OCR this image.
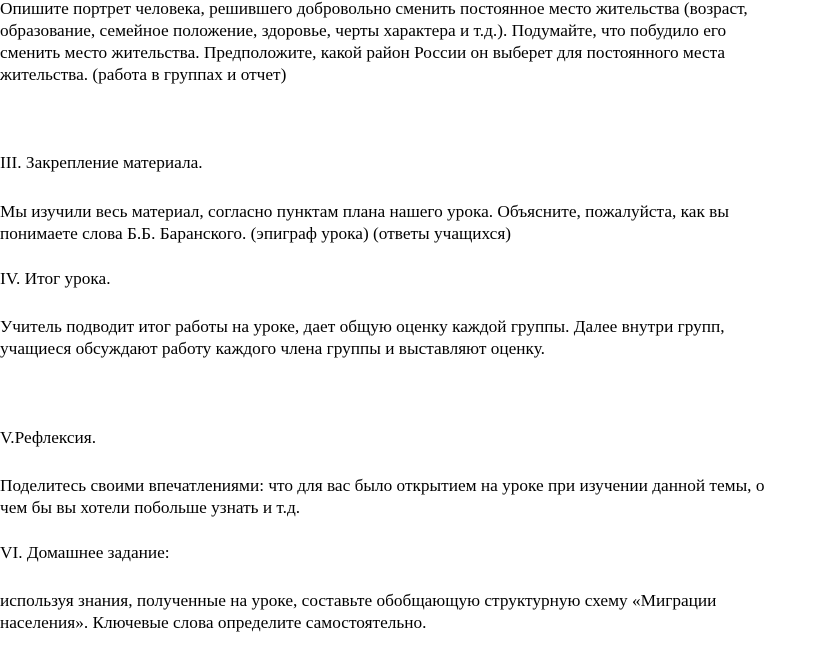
Опишите портрет человека, решившего добровольно сменить постоянное место жительства (возраст,

образование, семейное положение, здоровье, черты характера и т.д.). Подумайте, что побудило его

сменить место жительства. Предположите, какой район России он выберет для постоянного места

жительства. (работа в группах и отчет)

III. Закрепление материала.

Мы изучили весь материал, согласно пунктам плана нашего урока. Объясните, пожалуйста, как вы

понимаете слова Б.Б. Баранского. (эпиграф урока) (ответы учащихся)

IV. Итог урока.

Учитель подводит итог работы на уроке, дает общую оценку каждой группы. Далее внутри групп,

учащиеся обсуждают работу каждого члена группы и выставляют оценку.

V.Рефлексия.

Поделитесь своими впечатлениями: что для вас было открытием на уроке при изучении данной темы, о

чем бы вы хотели побольше узнать и т.д.

VI. Домашнее задание:

используя знания, полученные на уроке, составьте обобщающую структурную схему «Миграции

населения». Ключевые слова определите самостоятельно.
